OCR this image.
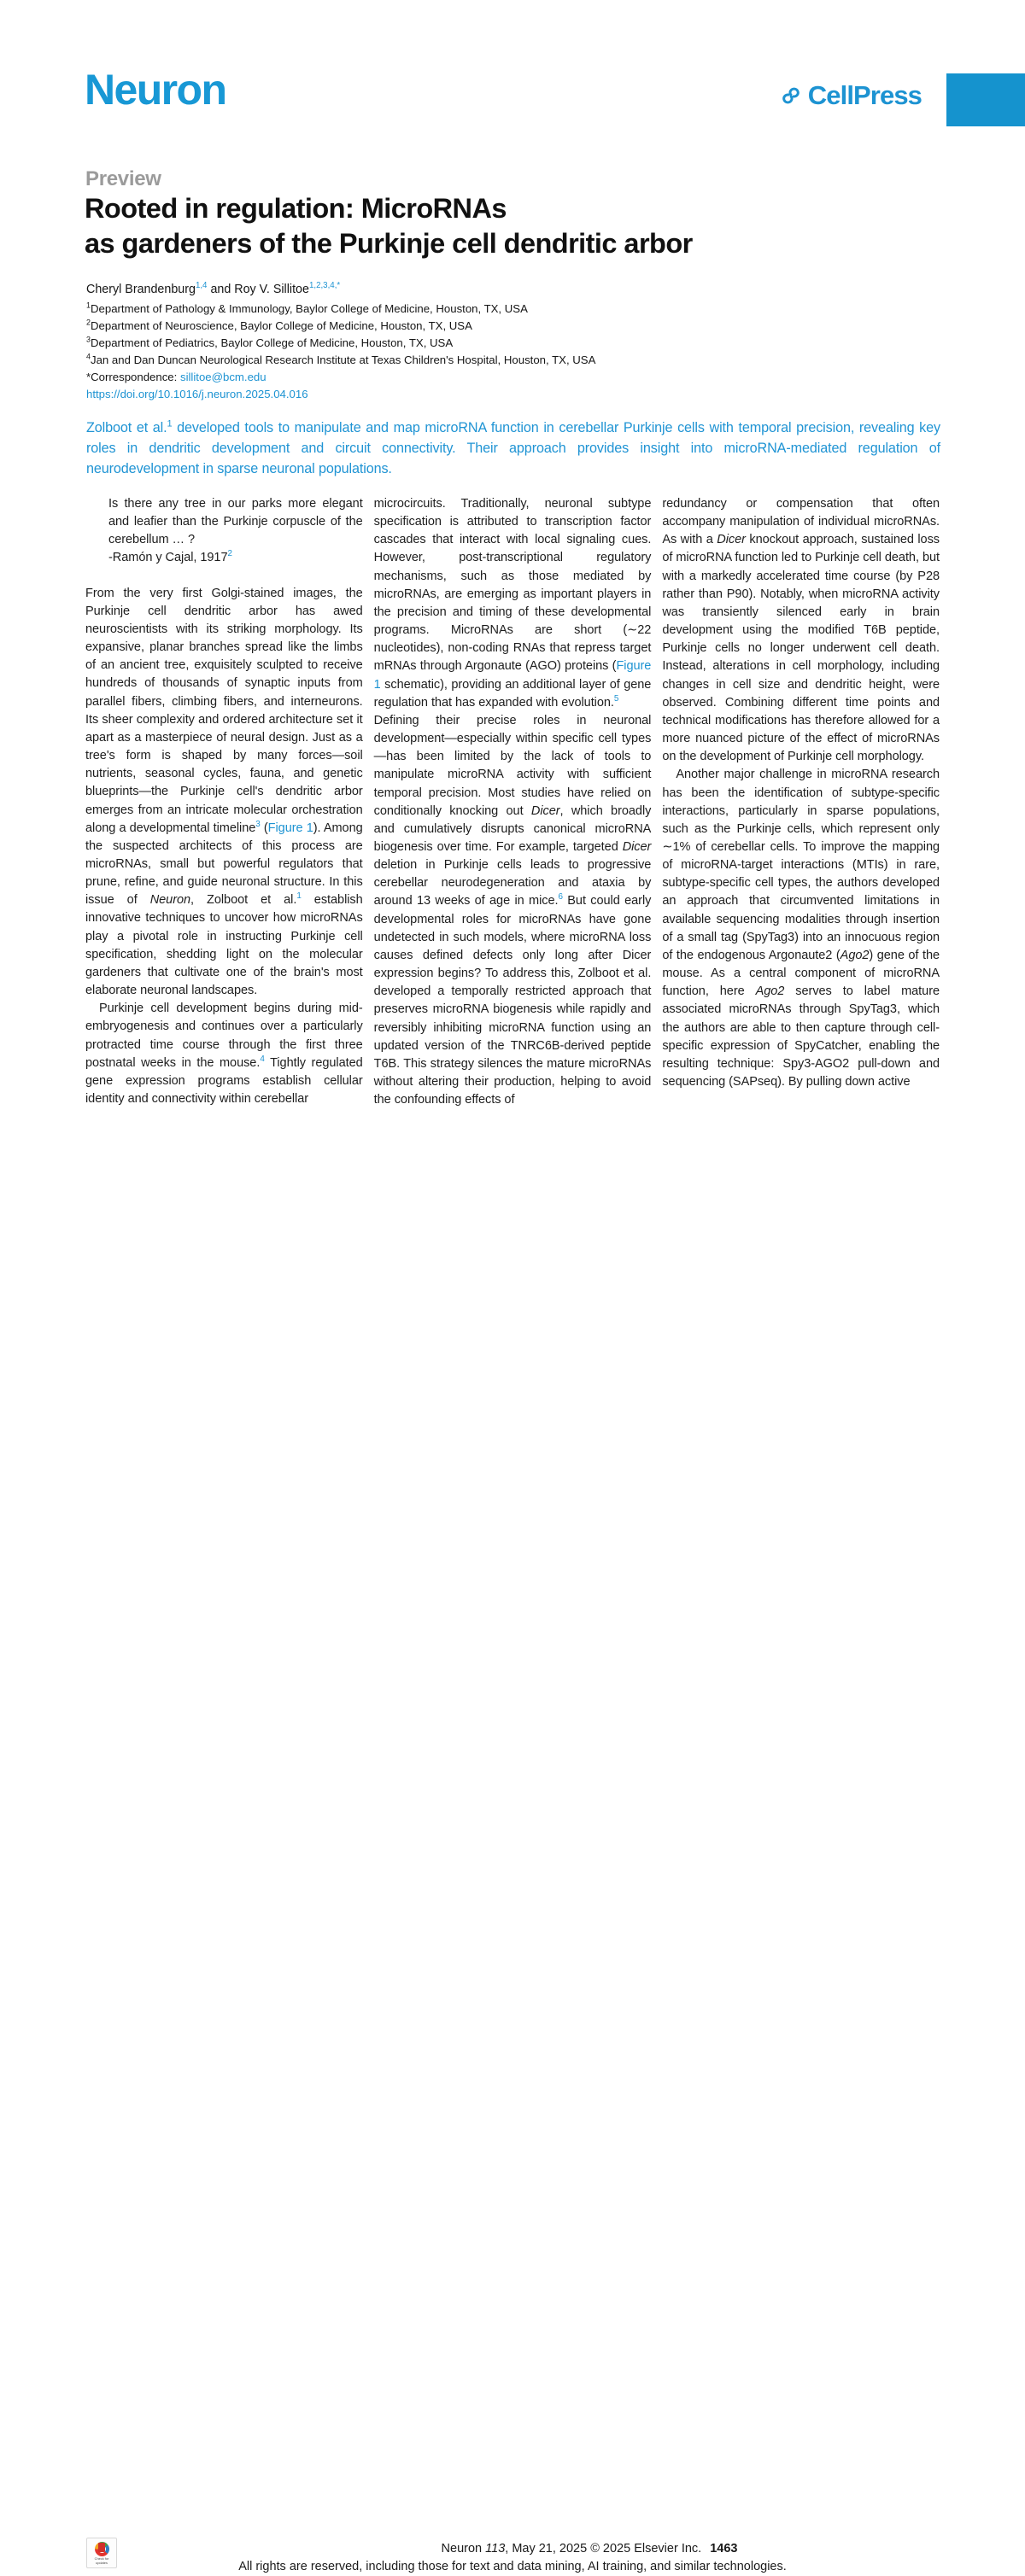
Neuron	CellPress
Preview
Rooted in regulation: MicroRNAs
as gardeners of the Purkinje cell dendritic arbor
Cheryl Brandenburg$^{1,4}$ and Roy V. Sillitoe$^{1,2,3,4,*}$
$^1$Department of Pathology & Immunology, Baylor College of Medicine, Houston, TX, USA
$^2$Department of Neuroscience, Baylor College of Medicine, Houston, TX, USA
$^3$Department of Pediatrics, Baylor College of Medicine, Houston, TX, USA
$^4$Jan and Dan Duncan Neurological Research Institute at Texas Children's Hospital, Houston, TX, USA
*Correspondence: sillitoe@bcm.edu
https://doi.org/10.1016/j.neuron.2025.04.016
Zolboot et al.$^1$ developed tools to manipulate and map microRNA function in cerebellar Purkinje cells with temporal precision, revealing key roles in dendritic development and circuit connectivity. Their approach provides insight into microRNA-mediated regulation of neurodevelopment in sparse neuronal populations.

Is there any tree in our parks more elegant and leafier than the Purkinje corpuscle of the cerebellum … ?
-Ramón y Cajal, 1917$^2$

From the very first Golgi-stained images, the Purkinje cell dendritic arbor has awed neuroscientists with its striking morphology. Its expansive, planar branches spread like the limbs of an ancient tree, exquisitely sculpted to receive hundreds of thousands of synaptic inputs from parallel fibers, climbing fibers, and interneurons. Its sheer complexity and ordered architecture set it apart as a masterpiece of neural design. Just as a tree's form is shaped by many forces—soil nutrients, seasonal cycles, fauna, and genetic blueprints—the Purkinje cell's dendritic arbor emerges from an intricate molecular orchestration along a developmental timeline$^3$ (Figure 1). Among the suspected architects of this process are microRNAs, small but powerful regulators that prune, refine, and guide neuronal structure. In this issue of Neuron, Zolboot et al.$^1$ establish innovative techniques to uncover how microRNAs play a pivotal role in instructing Purkinje cell specification, shedding light on the molecular gardeners that cultivate one of the brain's most elaborate neuronal landscapes.

Purkinje cell development begins during mid-embryogenesis and continues over a particularly protracted time course through the first three postnatal weeks in the mouse.$^4$ Tightly regulated gene expression programs establish cellular identity and connectivity within cerebellar

microcircuits. Traditionally, neuronal subtype specification is attributed to transcription factor cascades that interact with local signaling cues. However, post-transcriptional regulatory mechanisms, such as those mediated by microRNAs, are emerging as important players in the precision and timing of these developmental programs. MicroRNAs are short (∼22 nucleotides), non-coding RNAs that repress target mRNAs through Argonaute (AGO) proteins (Figure 1 schematic), providing an additional layer of gene regulation that has expanded with evolution.$^5$

Defining their precise roles in neuronal development—especially within specific cell types—has been limited by the lack of tools to manipulate microRNA activity with sufficient temporal precision. Most studies have relied on conditionally knocking out Dicer, which broadly and cumulatively disrupts canonical microRNA biogenesis over time. For example, targeted Dicer deletion in Purkinje cells leads to progressive cerebellar neurodegeneration and ataxia by around 13 weeks of age in mice.$^6$ But could early developmental roles for microRNAs have gone undetected in such models, where microRNA loss causes defined defects only long after Dicer expression begins? To address this, Zolboot et al. developed a temporally restricted approach that preserves microRNA biogenesis while rapidly and reversibly inhibiting microRNA function using an updated version of the TNRC6B-derived peptide T6B. This strategy silences the mature microRNAs without altering their production, helping to avoid the confounding effects of

redundancy or compensation that often accompany manipulation of individual microRNAs. As with a Dicer knockout approach, sustained loss of microRNA function led to Purkinje cell death, but with a markedly accelerated time course (by P28 rather than P90). Notably, when microRNA activity was transiently silenced early in brain development using the modified T6B peptide, Purkinje cells no longer underwent cell death. Instead, alterations in cell morphology, including changes in cell size and dendritic height, were observed. Combining different time points and technical modifications has therefore allowed for a more nuanced picture of the effect of microRNAs on the development of Purkinje cell morphology.

Another major challenge in microRNA research has been the identification of subtype-specific interactions, particularly in sparse populations, such as the Purkinje cells, which represent only ∼1% of cerebellar cells. To improve the mapping of microRNA-target interactions (MTIs) in rare, subtype-specific cell types, the authors developed an approach that circumvented limitations in available sequencing modalities through insertion of a small tag (SpyTag3) into an innocuous region of the endogenous Argonaute2 (Ago2) gene of the mouse. As a central component of microRNA function, here Ago2 serves to label mature associated microRNAs through SpyTag3, which the authors are able to then capture through cell-specific expression of SpyCatcher, enabling the resulting technique: Spy3-AGO2 pull-down and sequencing (SAPseq). By pulling down active

Check for
updates
Neuron 113, May 21, 2025 © 2025 Elsevier Inc. 1463
All rights are reserved, including those for text and data mining, AI training, and similar technologies.
